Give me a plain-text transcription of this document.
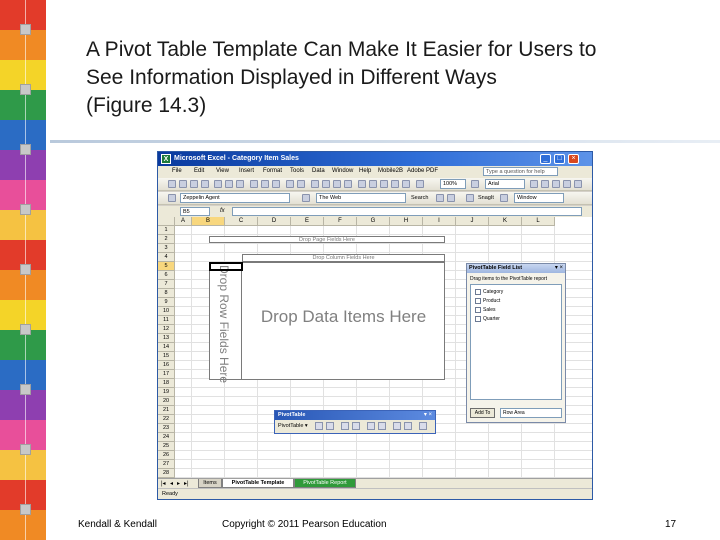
A Pivot Table Template Can Make It Easier for Users to
See Information Displayed in Different Ways
(Figure 14.3)
X Microsoft Excel - Category Item Sales	_	□	×
File Edit View Insert Format Tools Data Window Help Mobile2B Adobe PDF	Type a question for help
100%	Arial
Zeppelin Agent	The Web	Search	SnagIt	Window
B5	fx
28
27
26
25
24
23
22
21
20
19
18
17
16
15
14
13
12
11
10
9
8
7
6
5
4
3
2
1
L
K
J
I
H
G
F
E
D
C
B
A
Drop Page Fields Here
Drop Column Fields Here
Drop Row Fields Here	Drop Data Items Here
PivotTable Field List	▾ ×
Drag items to the PivotTable report
Category
Product
Sales
Quarter
Add To	Row Area
PivotTable	▾ ×
PivotTable ▾
|◂ ◂ ▸ ▸|	Items	PivotTable Template	PivotTable Report
Ready
Kendall & Kendall	Copyright © 2011 Pearson Education	17
